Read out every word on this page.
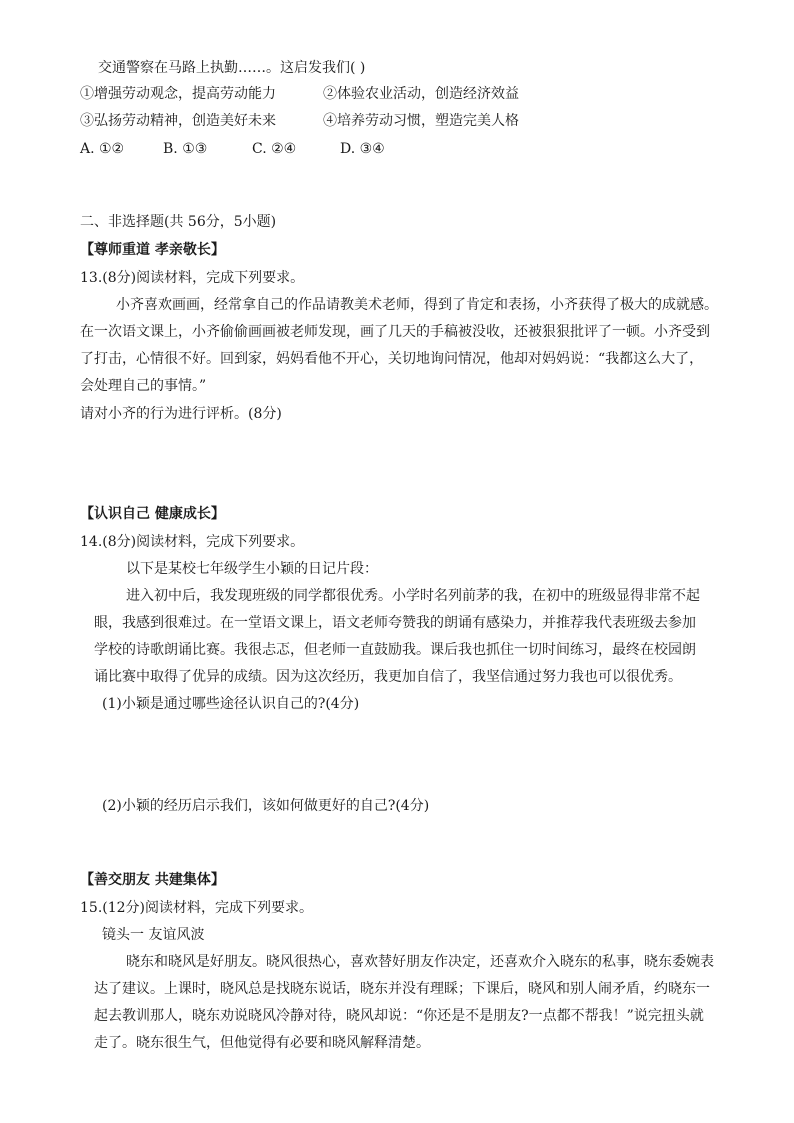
交通警察在马路上执勤……。这启发我们( )
①增强劳动观念，提高劳动能力	②体验农业活动，创造经济效益
③弘扬劳动精神，创造美好未来	④培养劳动习惯，塑造完美人格
A. ①②	B. ①③	C. ②④	D. ③④
二、非选择题(共 56分，5小题)
【尊师重道 孝亲敬长】
13.(8分)阅读材料，完成下列要求。
小齐喜欢画画，经常拿自己的作品请教美术老师，得到了肯定和表扬，小齐获得了极大的成就感。
在一次语文课上，小齐偷偷画画被老师发现，画了几天的手稿被没收，还被狠狠批评了一顿。小齐受到
了打击，心情很不好。回到家，妈妈看他不开心，关切地询问情况，他却对妈妈说：“我都这么大了，
会处理自己的事情。”
请对小齐的行为进行评析。(8分)
【认识自己 健康成长】
14.(8分)阅读材料，完成下列要求。
以下是某校七年级学生小颖的日记片段：
进入初中后，我发现班级的同学都很优秀。小学时名列前茅的我，在初中的班级显得非常不起
眼，我感到很难过。在一堂语文课上，语文老师夸赞我的朗诵有感染力，并推荐我代表班级去参加
学校的诗歌朗诵比赛。我很忐忑，但老师一直鼓励我。课后我也抓住一切时间练习，最终在校园朗
诵比赛中取得了优异的成绩。因为这次经历，我更加自信了，我坚信通过努力我也可以很优秀。
(1)小颖是通过哪些途径认识自己的?(4分)
(2)小颖的经历启示我们，该如何做更好的自己?(4分)
【善交朋友 共建集体】
15.(12分)阅读材料，完成下列要求。
镜头一 友谊风波
晓东和晓风是好朋友。晓风很热心，喜欢替好朋友作决定，还喜欢介入晓东的私事，晓东委婉表
达了建议。上课时，晓风总是找晓东说话，晓东并没有理睬；下课后，晓风和别人闹矛盾，约晓东一
起去教训那人，晓东劝说晓风冷静对待，晓风却说：“你还是不是朋友?一点都不帮我！”说完扭头就
走了。晓东很生气，但他觉得有必要和晓风解释清楚。
